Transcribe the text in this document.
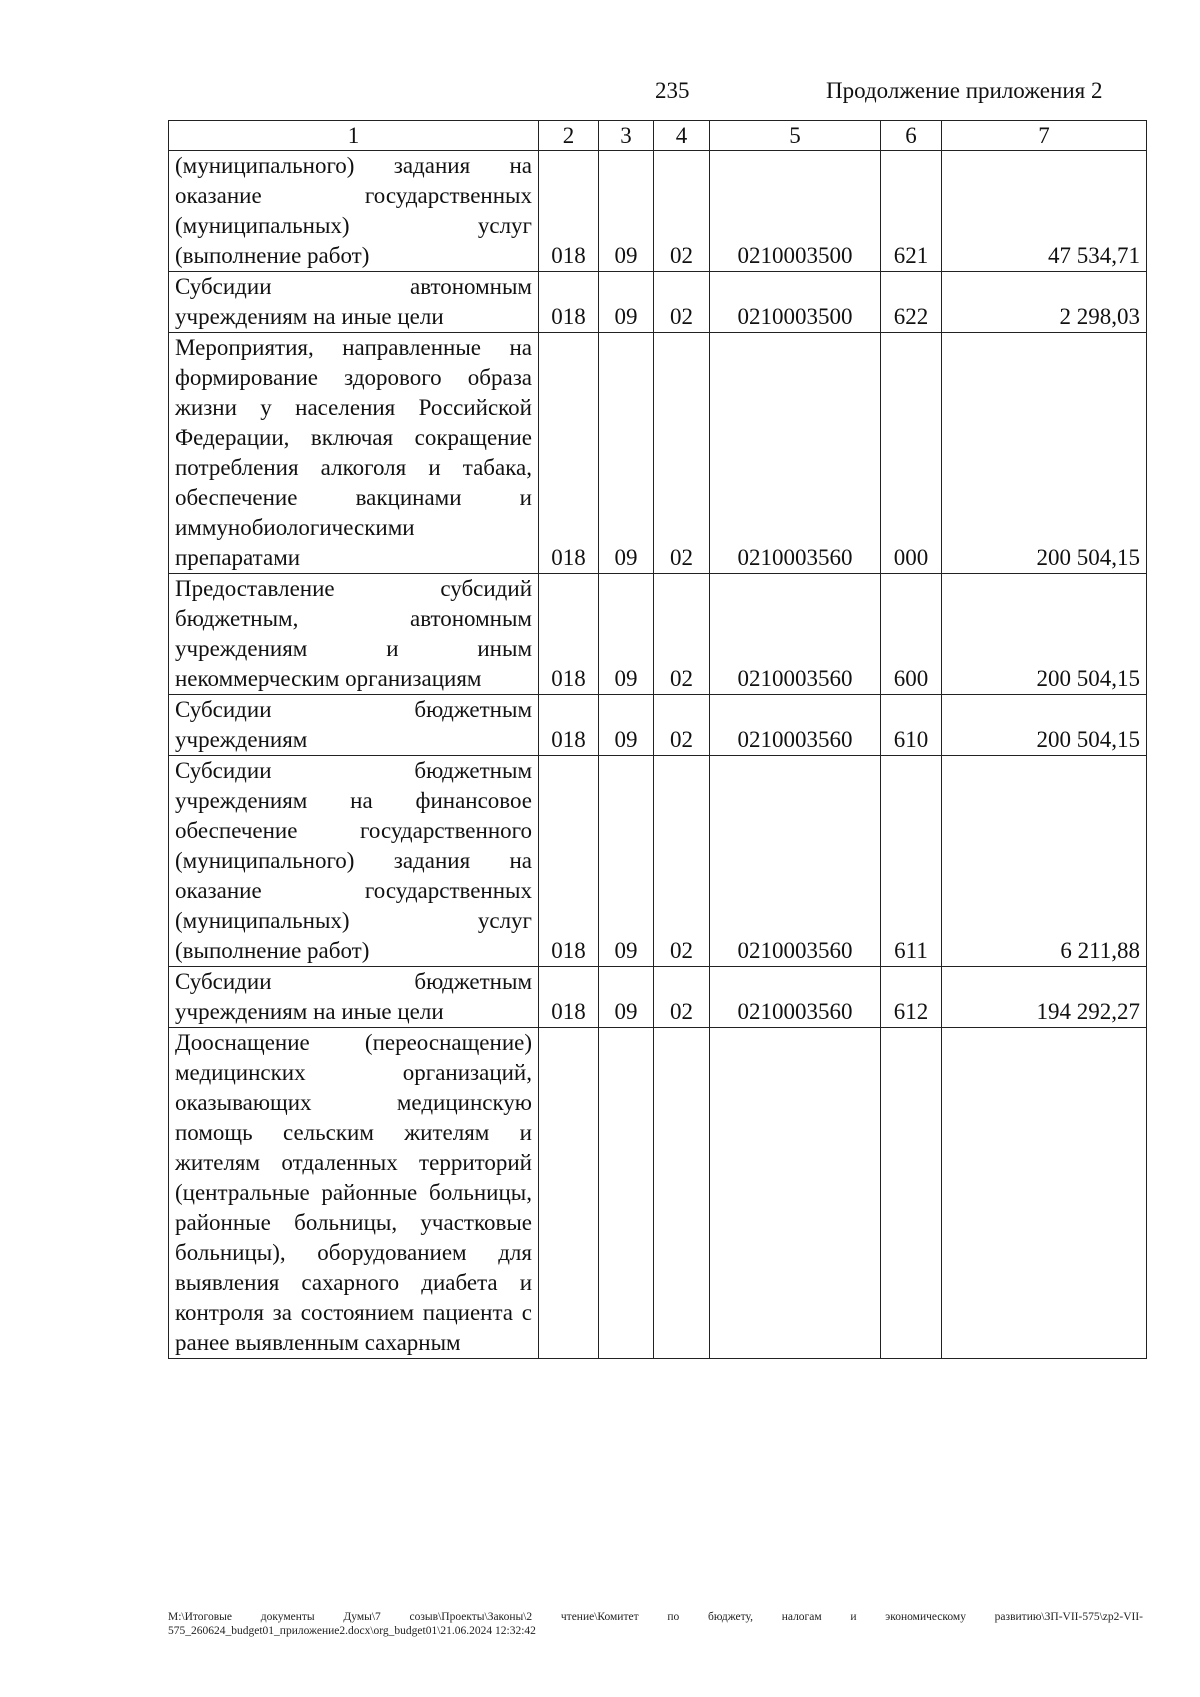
235	Продолжение приложения 2
1	2	3	4	5	6	7
(муниципального) задания на оказание государственных (муниципальных) услуг (выполнение работ)	018	09	02	0210003500	621	47 534,71
Субсидии автономным учреждениям на иные цели	018	09	02	0210003500	622	2 298,03
Мероприятия, направленные на формирование здорового образа жизни у населения Российской Федерации, включая сокращение потребления алкоголя и табака, обеспечение вакцинами и иммунобиологическими препаратами	018	09	02	0210003560	000	200 504,15
Предоставление субсидий бюджетным, автономным учреждениям и иным некоммерческим организациям	018	09	02	0210003560	600	200 504,15
Субсидии бюджетным учреждениям	018	09	02	0210003560	610	200 504,15
Субсидии бюджетным учреждениям на финансовое обеспечение государственного (муниципального) задания на оказание государственных (муниципальных) услуг (выполнение работ)	018	09	02	0210003560	611	6 211,88
Субсидии бюджетным учреждениям на иные цели	018	09	02	0210003560	612	194 292,27
Дооснащение (переоснащение) медицинских организаций, оказывающих медицинскую помощь сельским жителям и жителям отдаленных территорий (центральные районные больницы, районные больницы, участковые больницы), оборудованием для выявления сахарного диабета и контроля за состоянием пациента с ранее выявленным сахарным						
M:\Итоговые документы Думы\7 созыв\Проекты\Законы\2 чтение\Комитет по бюджету, налогам и экономическому развитию\ЗП-VII-575\zp2-VII-575_260624_budget01_приложение2.docx\org_budget01\21.06.2024 12:32:42
